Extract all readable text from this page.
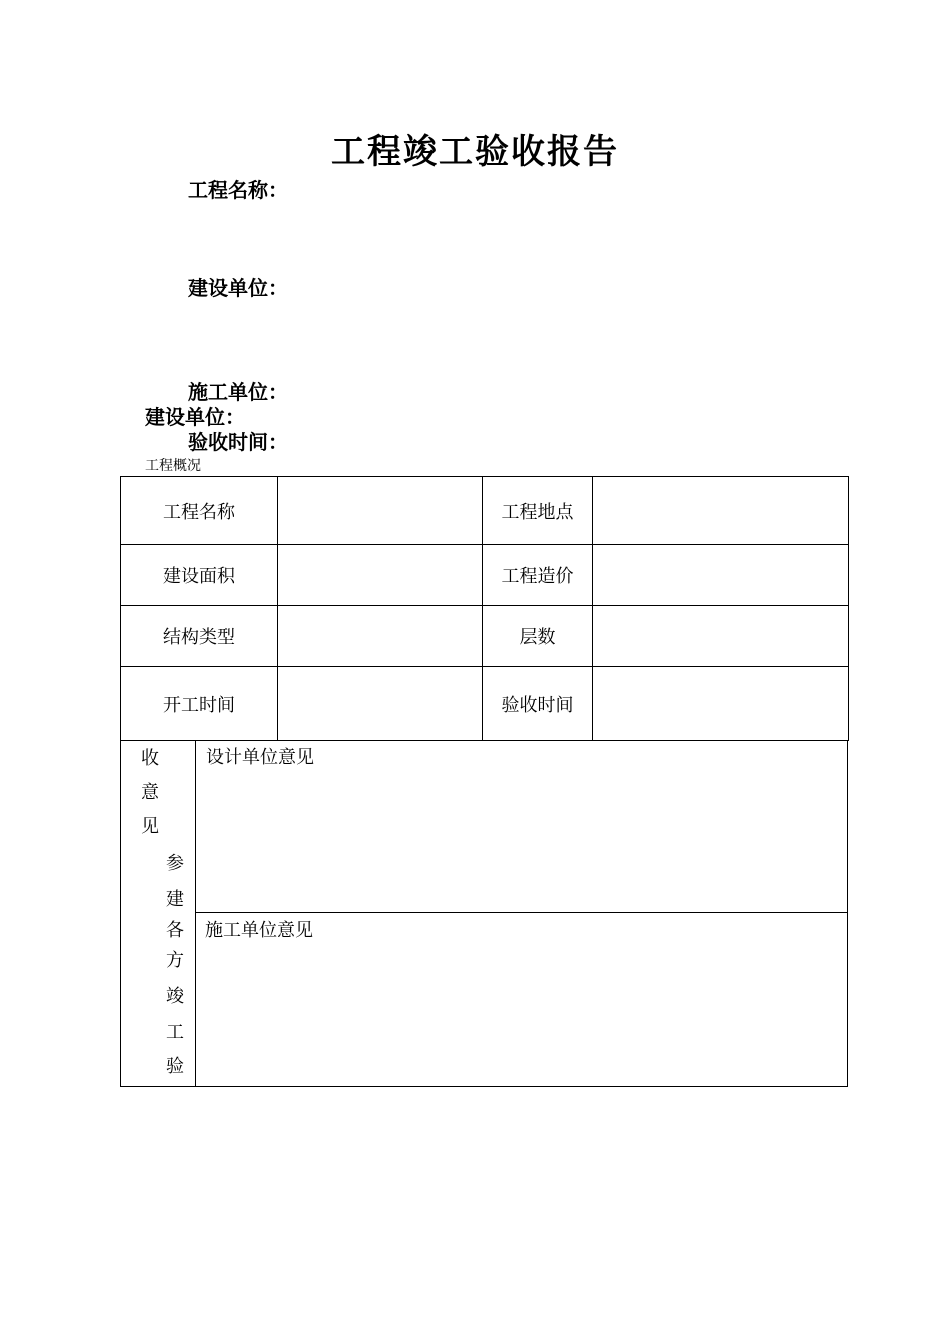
工程竣工验收报告
工程名称：
建设单位：
施工单位：
建设单位：
验收时间：
工程概况
工程名称		工程地点	
建设面积		工程造价	
结构类型		层数	
开工时间		验收时间	
收
意
见
参
建
各
方
竣
工
验
设计单位意见
施工单位意见
